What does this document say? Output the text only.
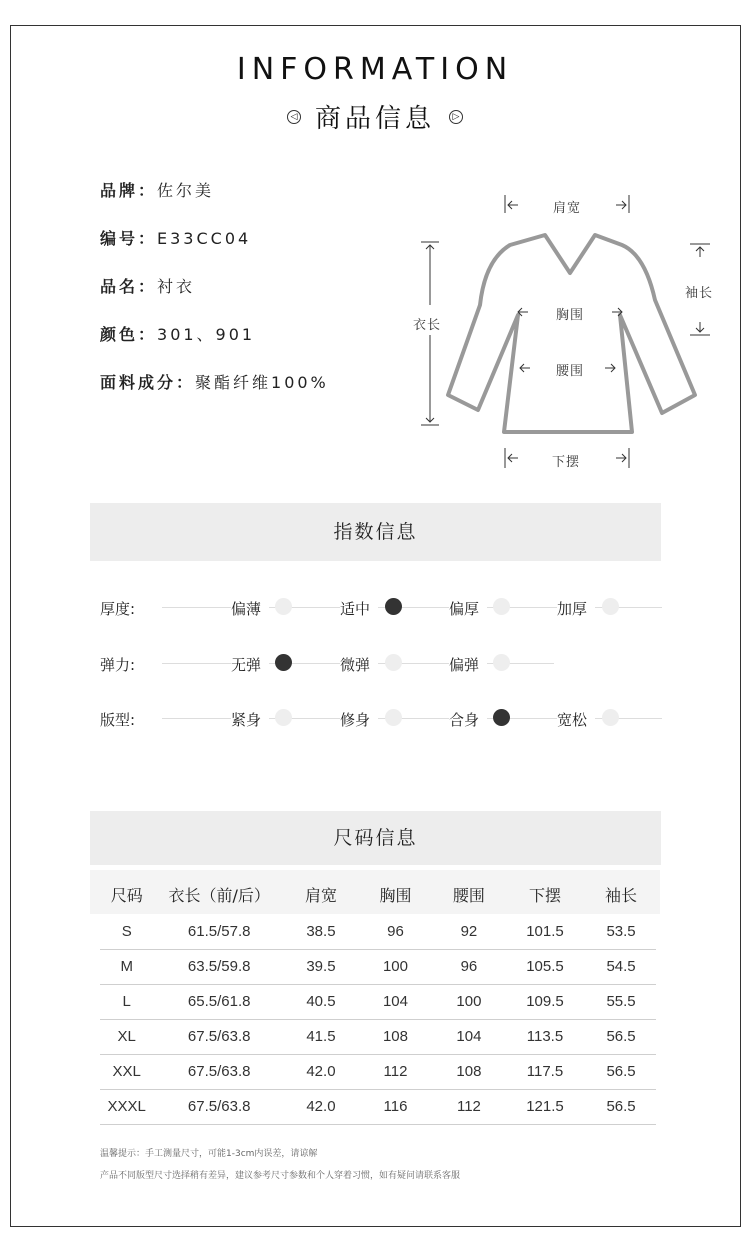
INFORMATION
◁ 商品信息 ▷
品牌：佐尔美
编号：E33CC04
品名：衬衣
颜色：301、901
面料成分：聚酯纤维100%
肩宽
衣长
袖长
胸围
腰围
下摆
指数信息
厚度:	偏薄	适中	偏厚	加厚
弹力:	无弹	微弹	偏弹
版型:	紧身	修身	合身	宽松
尺码信息
尺码	衣长（前/后）	肩宽	胸围	腰围	下摆	袖长
S	61.5/57.8	38.5	96	92	101.5	53.5
M	63.5/59.8	39.5	100	96	105.5	54.5
L	65.5/61.8	40.5	104	100	109.5	55.5
XL	67.5/63.8	41.5	108	104	113.5	56.5
XXL	67.5/63.8	42.0	112	108	117.5	56.5
XXXL	67.5/63.8	42.0	116	112	121.5	56.5
温馨提示：手工测量尺寸，可能1-3cm内误差，请谅解
产品不同版型尺寸选择稍有差异，建议参考尺寸参数和个人穿着习惯，如有疑问请联系客服
